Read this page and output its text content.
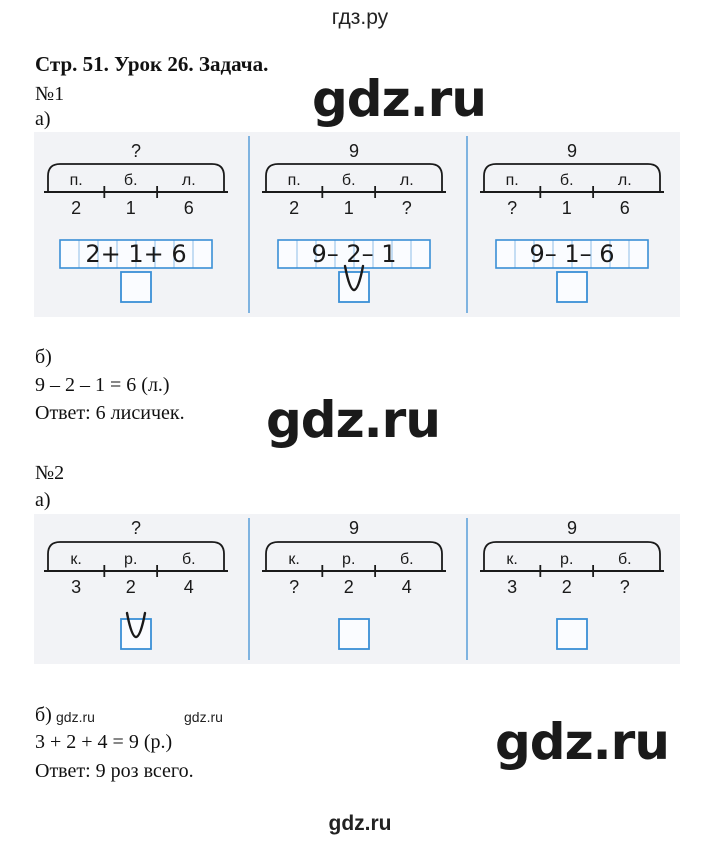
гдз.ру
Стр. 51. Урок 26. Задача.
gdz.ru
№1
а)
?
п.	б.	л.
2 1	6
2+ 1+ 6
9
п.	б.	л.
2 1	?
9– 2– 1
9
п.	б.	л.
? 1	6
9– 1– 6
б)
9 – 2 – 1 = 6 (л.)
Ответ: 6 лисичек. gdz.ru
№2
а)
?
к.	р.	б.
3 2	4
9
к.	р.	б.
? 2	4
9
к.	р.	б.
3 2	?
б) gdz.ru	gdz.ru
3 + 2 + 4 = 9 (р.)
Ответ: 9 роз всего.	gdz.ru
gdz.ru
